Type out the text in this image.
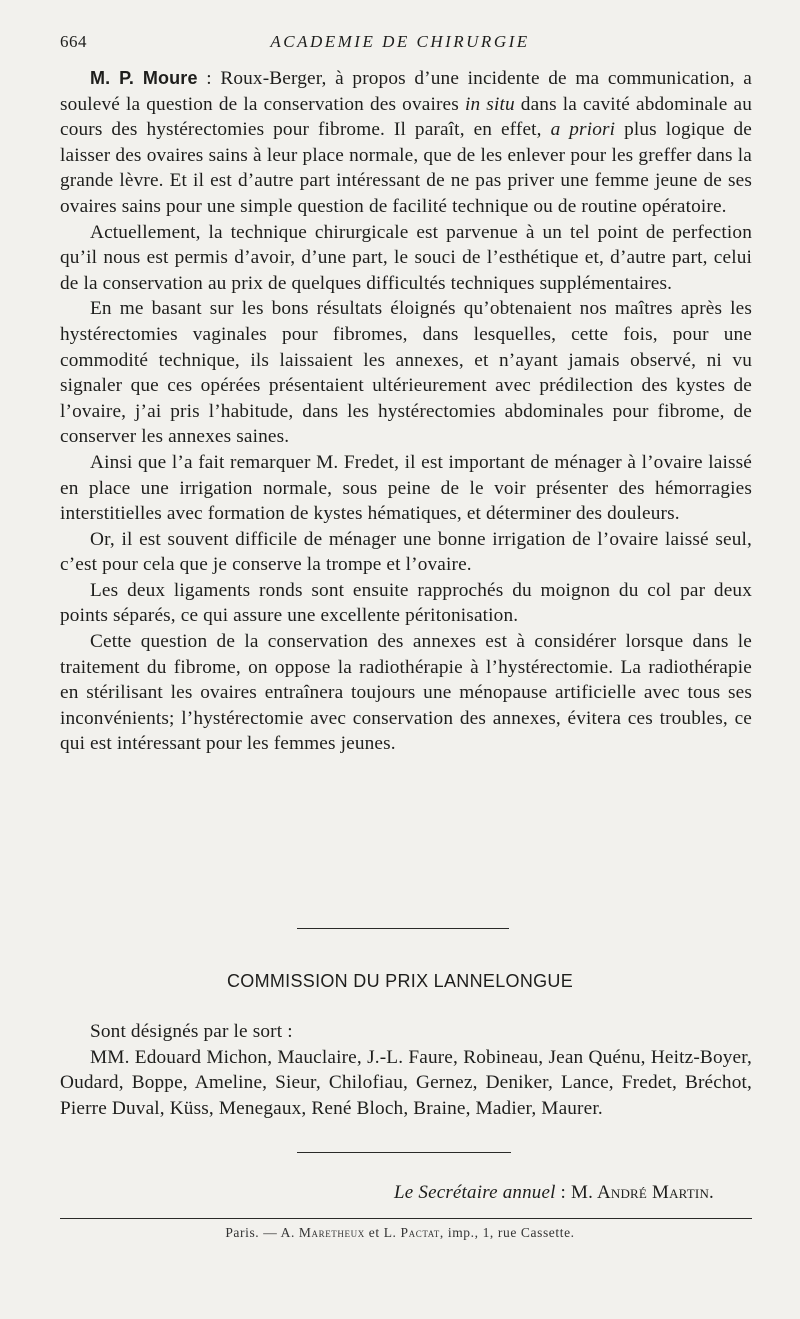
664	ACADEMIE DE CHIRURGIE

M. P. Moure : Roux-Berger, à propos d’une incidente de ma communication, a soulevé la question de la conservation des ovaires in situ dans la cavité abdominale au cours des hystérectomies pour fibrome. Il paraît, en effet, a priori plus logique de laisser des ovaires sains à leur place normale, que de les enlever pour les greffer dans la grande lèvre. Et il est d’autre part intéressant de ne pas priver une femme jeune de ses ovaires sains pour une simple question de facilité technique ou de routine opératoire.

Actuellement, la technique chirurgicale est parvenue à un tel point de perfection qu’il nous est permis d’avoir, d’une part, le souci de l’esthétique et, d’autre part, celui de la conservation au prix de quelques difficultés techniques supplémentaires.

En me basant sur les bons résultats éloignés qu’obtenaient nos maîtres après les hystérectomies vaginales pour fibromes, dans lesquelles, cette fois, pour une commodité technique, ils laissaient les annexes, et n’ayant jamais observé, ni vu signaler que ces opérées présentaient ultérieurement avec prédilection des kystes de l’ovaire, j’ai pris l’habitude, dans les hystérectomies abdominales pour fibrome, de conserver les annexes saines.

Ainsi que l’a fait remarquer M. Fredet, il est important de ménager à l’ovaire laissé en place une irrigation normale, sous peine de le voir présenter des hémorragies interstitielles avec formation de kystes hématiques, et déterminer des douleurs.

Or, il est souvent difficile de ménager une bonne irrigation de l’ovaire laissé seul, c’est pour cela que je conserve la trompe et l’ovaire.

Les deux ligaments ronds sont ensuite rapprochés du moignon du col par deux points séparés, ce qui assure une excellente péritonisation.

Cette question de la conservation des annexes est à considérer lorsque dans le traitement du fibrome, on oppose la radiothérapie à l’hystérectomie. La radiothérapie en stérilisant les ovaires entraînera toujours une ménopause artificielle avec tous ses inconvénients; l’hystérectomie avec conservation des annexes, évitera ces troubles, ce qui est intéressant pour les femmes jeunes.

COMMISSION DU PRIX LANNELONGUE

Sont désignés par le sort :

MM. Edouard Michon, Mauclaire, J.-L. Faure, Robineau, Jean Quénu, Heitz-Boyer, Oudard, Boppe, Ameline, Sieur, Chilofiau, Gernez, Deniker, Lance, Fredet, Bréchot, Pierre Duval, Küss, Menegaux, René Bloch, Braine, Madier, Maurer.

Le Secrétaire annuel : M. André Martin.
Paris. — A. Maretheux et L. Pactat, imp., 1, rue Cassette.
